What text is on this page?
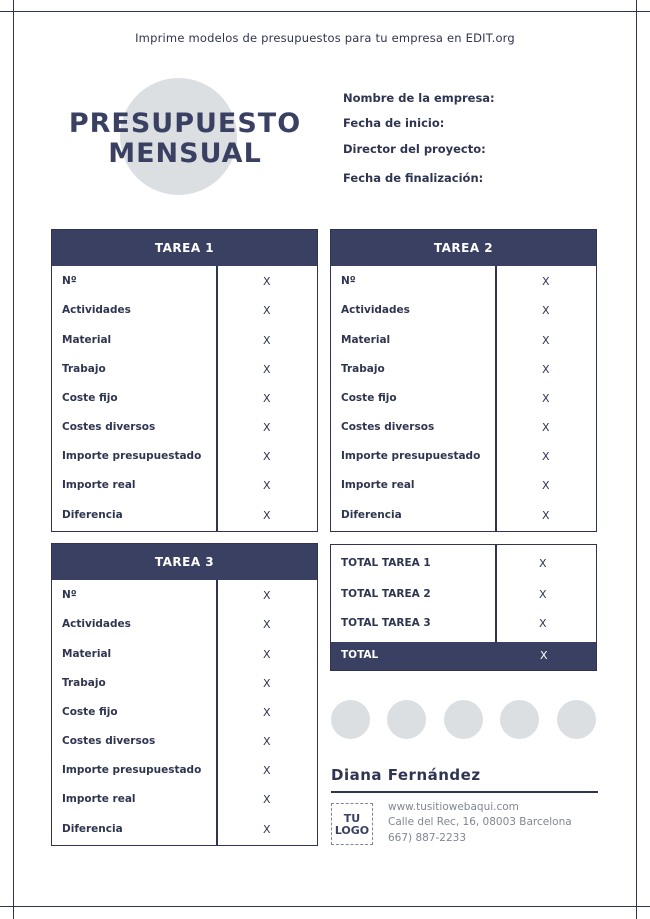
Imprime modelos de presupuestos para tu empresa en EDIT.org
PRESUPUESTO
MENSUAL
Nombre de la empresa:
Fecha de inicio:
Director del proyecto:
Fecha de finalización:
TAREA 1
Nº	X
Actividades	X
Material	X
Trabajo	X
Coste fijo	X
Costes diversos	X
Importe presupuestado	X
Importe real	X
Diferencia	X
TAREA 2
Nº	X
Actividades	X
Material	X
Trabajo	X
Coste fijo	X
Costes diversos	X
Importe presupuestado	X
Importe real	X
Diferencia	X
TAREA 3
Nº	X
Actividades	X
Material	X
Trabajo	X
Coste fijo	X
Costes diversos	X
Importe presupuestado	X
Importe real	X
Diferencia	X
TOTAL TAREA 1	X
TOTAL TAREA 2	X
TOTAL TAREA 3	X
TOTAL	X
Diana Fernández
TU
LOGO
www.tusitiowebaqui.com
Calle del Rec, 16, 08003 Barcelona
667) 887-2233
